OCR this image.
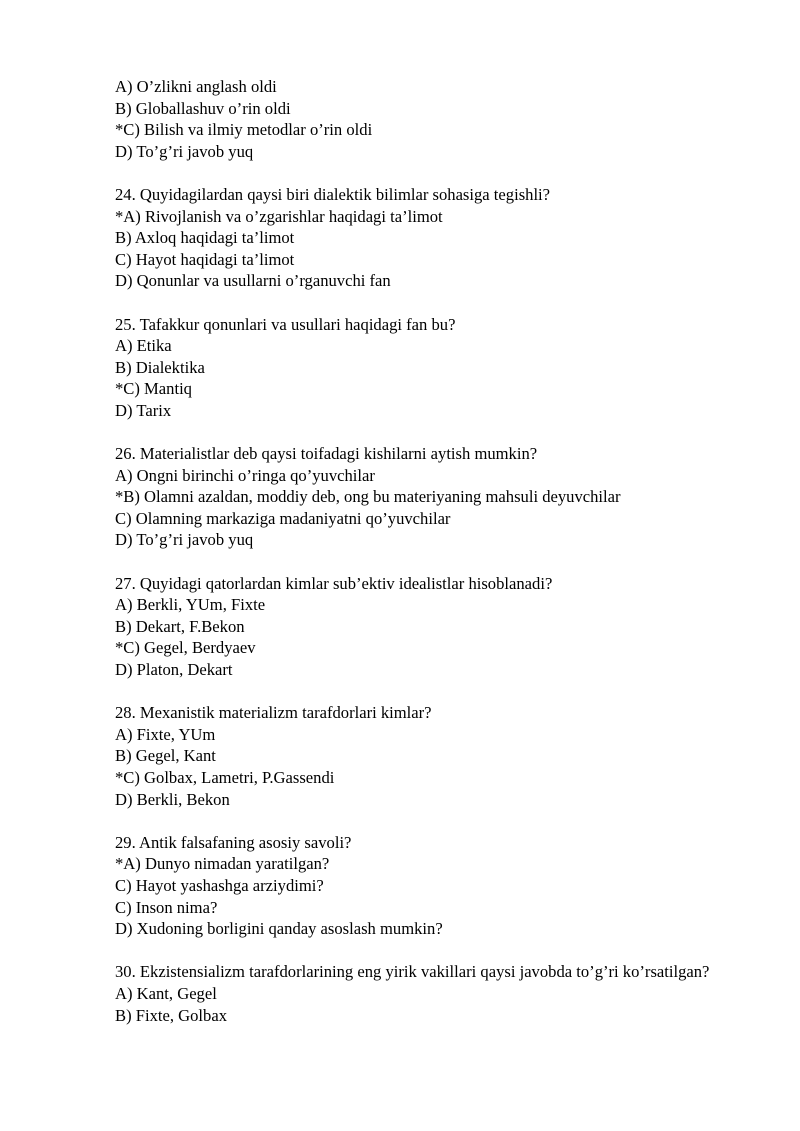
A) O’zlikni anglash oldi
B) Globallashuv o’rin oldi
*C) Bilish va ilmiy metodlar o’rin oldi
D) To’g’ri javob yuq
24. Quyidagilardan qaysi biri dialektik bilimlar sohasiga tegishli?
*A) Rivojlanish va o’zgarishlar haqidagi ta’limot
B) Axloq haqidagi ta’limot
C) Hayot haqidagi ta’limot
D) Qonunlar va usullarni o’rganuvchi fan
25. Tafakkur qonunlari va usullari haqidagi fan bu?
A) Etika
B) Dialektika
*C) Mantiq
D) Tarix
26. Materialistlar deb qaysi toifadagi kishilarni aytish mumkin?
A) Ongni birinchi o’ringa qo’yuvchilar
*B) Olamni azaldan, moddiy deb, ong bu materiyaning mahsuli deyuvchilar
C) Olamning markaziga madaniyatni qo’yuvchilar
D) To’g’ri javob yuq
27. Quyidagi qatorlardan kimlar sub’ektiv idealistlar hisoblanadi?
A) Berkli, YUm, Fixte
B) Dekart, F.Bekon
*C) Gegel, Berdyaev
D) Platon, Dekart
28. Mexanistik materializm tarafdorlari kimlar?
A) Fixte, YUm
B) Gegel, Kant
*C) Golbax, Lametri, P.Gassendi
D) Berkli, Bekon
29. Antik falsafaning asosiy savoli?
*A) Dunyo nimadan yaratilgan?
C) Hayot yashashga arziydimi?
C) Inson nima?
D) Xudoning borligini qanday asoslash mumkin?
30. Ekzistensializm tarafdorlarining eng yirik vakillari qaysi javobda to’g’ri ko’rsatilgan?
A) Kant, Gegel
B) Fixte, Golbax
